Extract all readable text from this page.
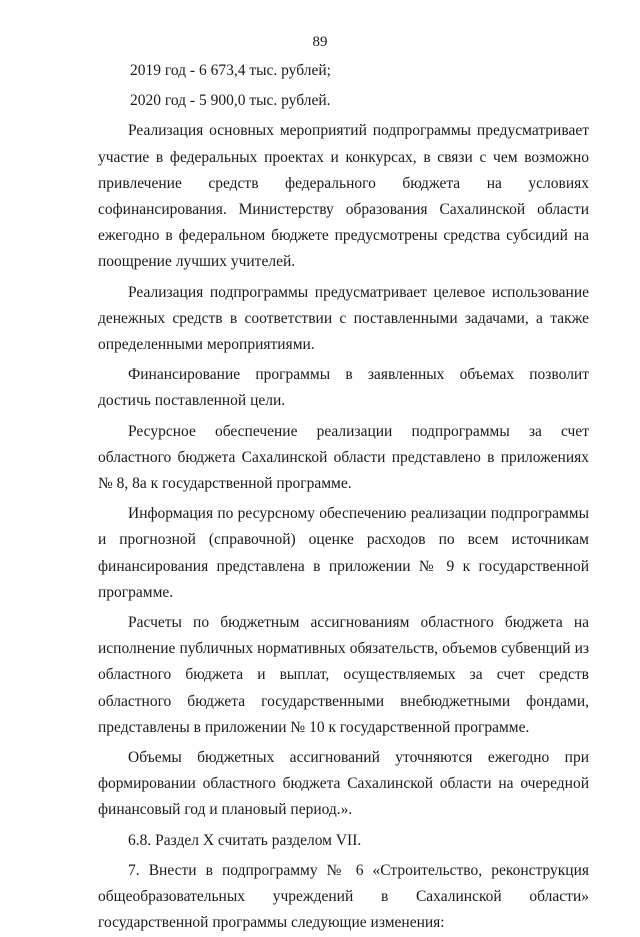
89
2019 год - 6 673,4 тыс. рублей;
2020 год - 5 900,0 тыс. рублей.

Реализация основных мероприятий подпрограммы предусматривает участие в федеральных проектах и конкурсах, в связи с чем возможно привлечение средств федерального бюджета на условиях софинансирования. Министерству образования Сахалинской области ежегодно в федеральном бюджете предусмотрены средства субсидий на поощрение лучших учителей.

Реализация подпрограммы предусматривает целевое использование денежных средств в соответствии с поставленными задачами, а также определенными мероприятиями.

Финансирование программы в заявленных объемах позволит достичь поставленной цели.

Ресурсное обеспечение реализации подпрограммы за счет областного бюджета Сахалинской области представлено в приложениях № 8, 8а к государственной программе.

Информация по ресурсному обеспечению реализации подпрограммы и прогнозной (справочной) оценке расходов по всем источникам финансирования представлена в приложении № 9 к государственной программе.

Расчеты по бюджетным ассигнованиям областного бюджета на исполнение публичных нормативных обязательств, объемов субвенций из областного бюджета и выплат, осуществляемых за счет средств областного бюджета государственными внебюджетными фондами, представлены в приложении № 10 к государственной программе.

Объемы бюджетных ассигнований уточняются ежегодно при формировании областного бюджета Сахалинской области на очередной финансовый год и плановый период.».

6.8. Раздел X считать разделом VII.

7. Внести в подпрограмму № 6 «Строительство, реконструкция общеобразовательных учреждений в Сахалинской области» государственной программы следующие изменения:
